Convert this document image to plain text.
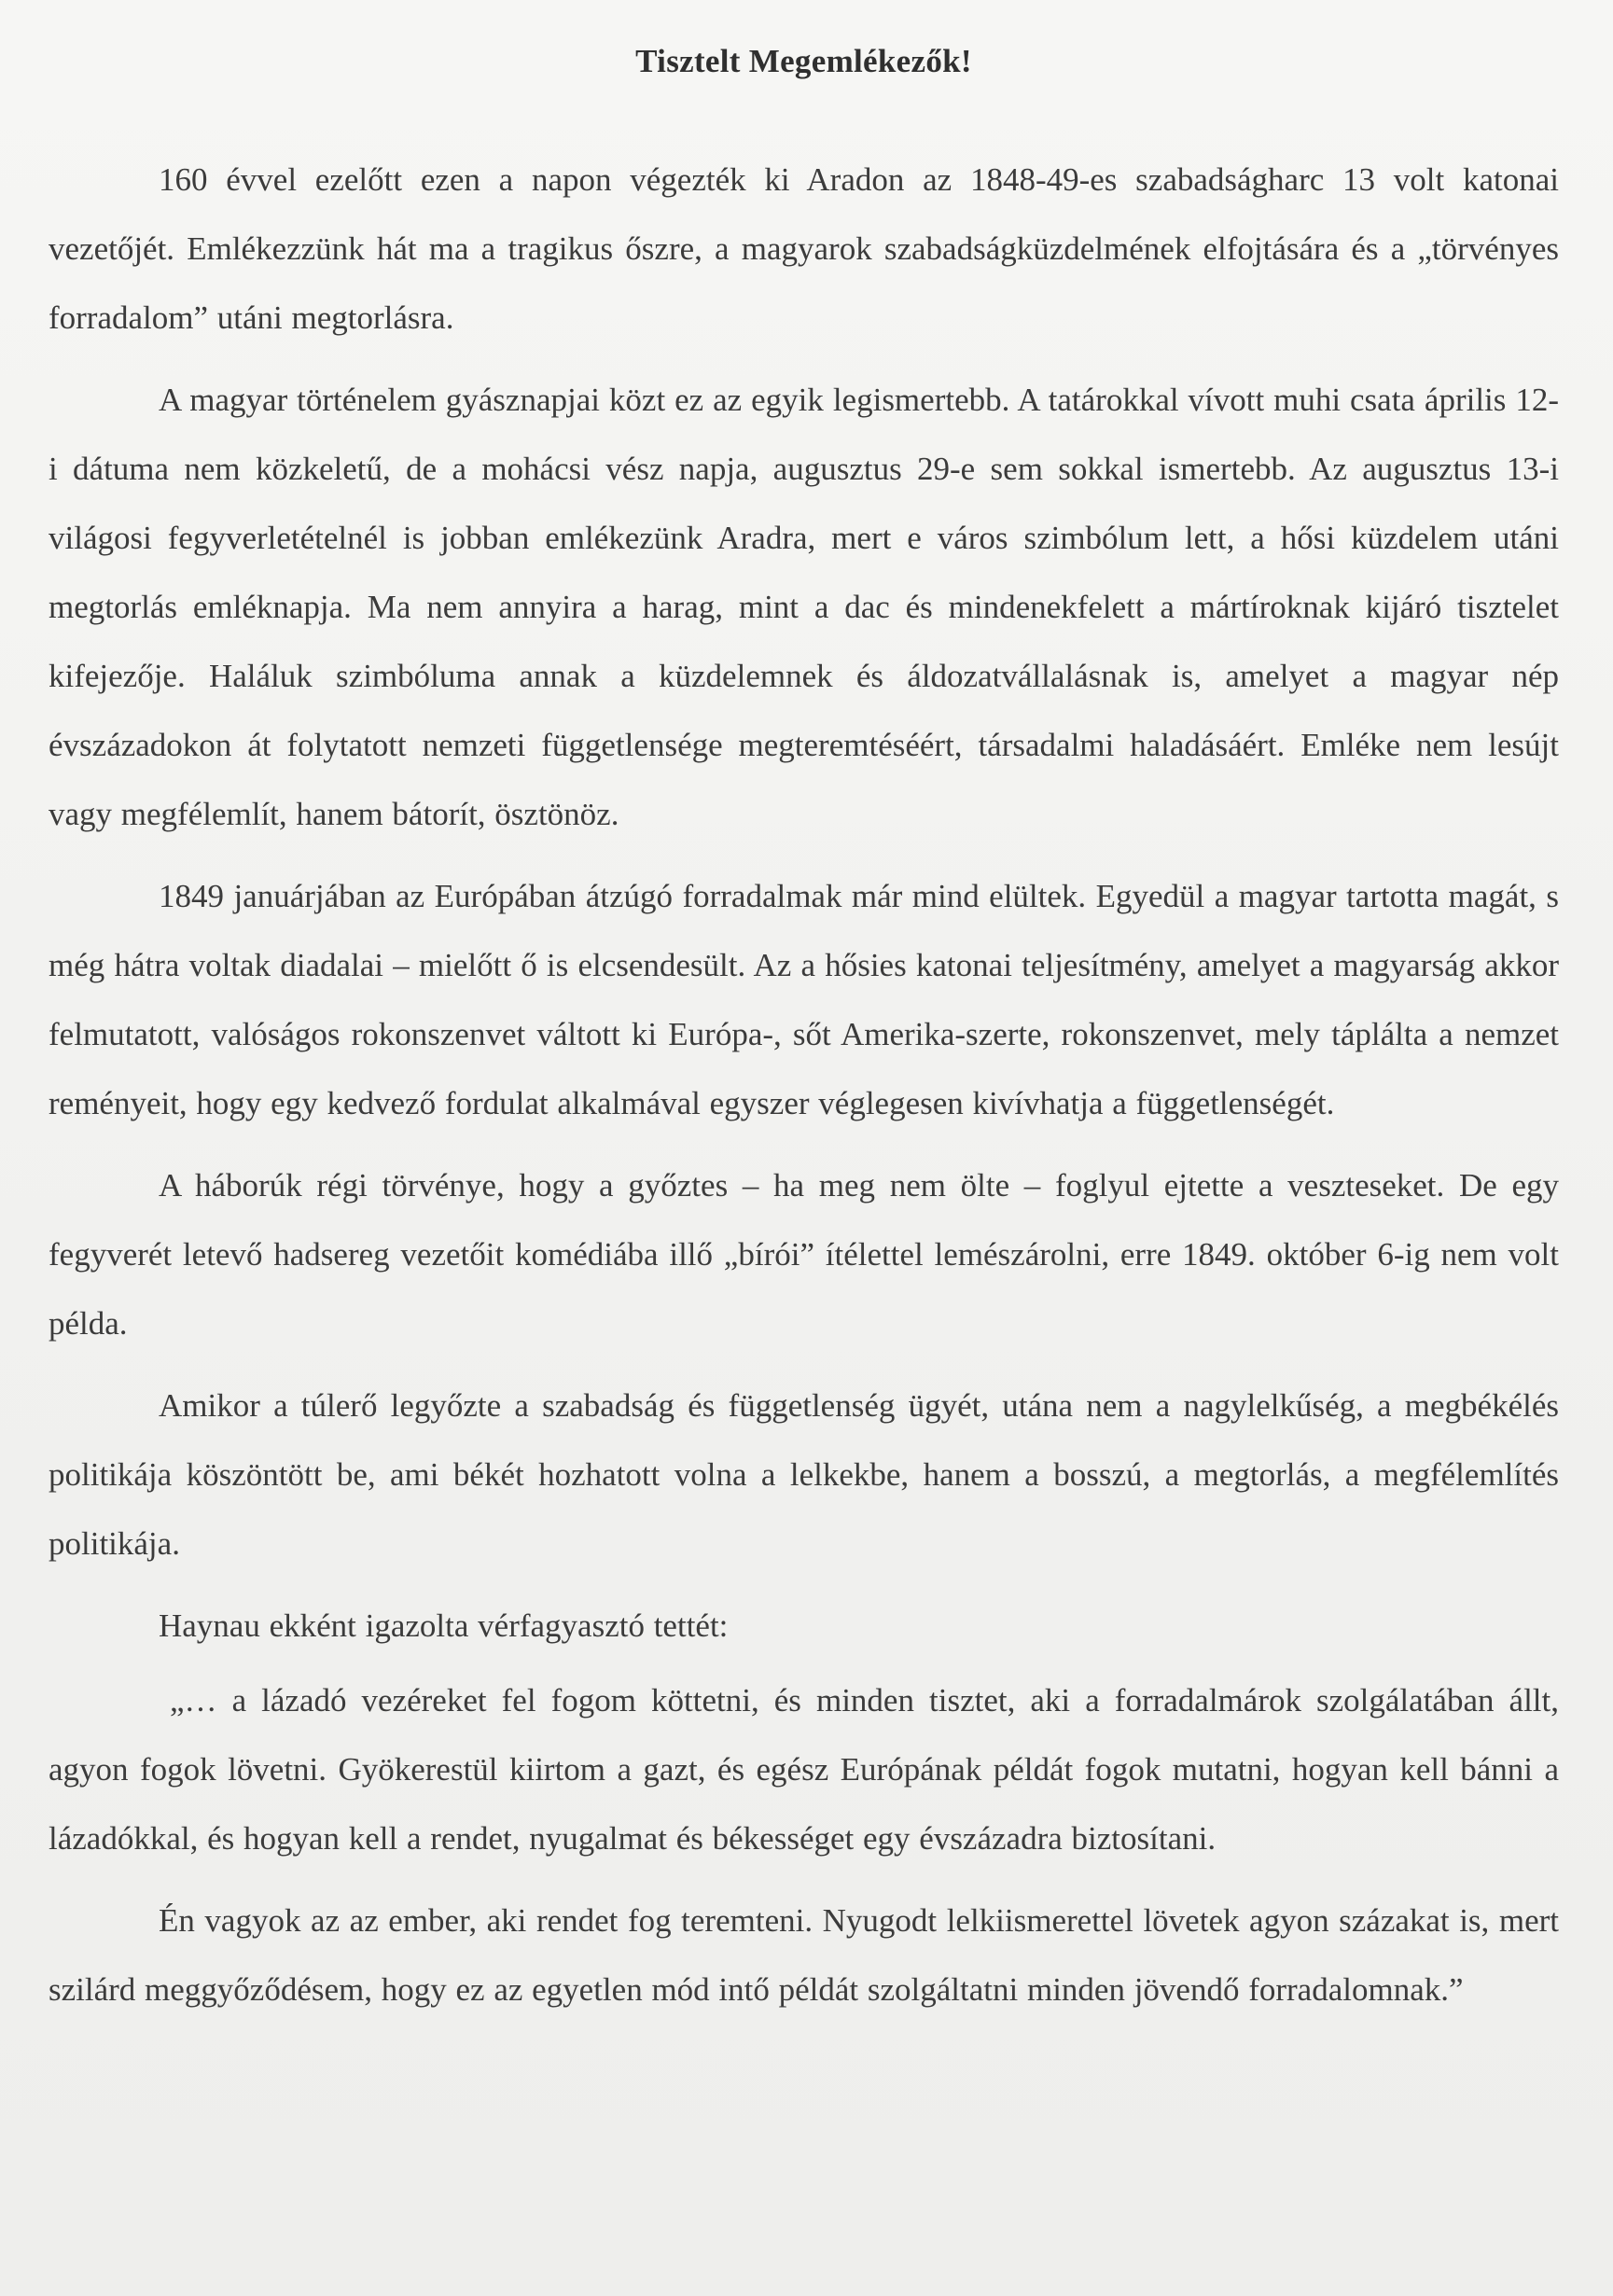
Tisztelt Megemlékezők!

160 évvel ezelőtt ezen a napon végezték ki Aradon az 1848-49-es szabadságharc 13 volt katonai vezetőjét. Emlékezzünk hát ma a tragikus őszre, a magyarok szabadságküzdelmének elfojtására és a „törvényes forradalom” utáni megtorlásra.

A magyar történelem gyásznapjai közt ez az egyik legismertebb. A tatárokkal vívott muhi csata április 12-i dátuma nem közkeletű, de a mohácsi vész napja, augusztus 29-e sem sokkal ismertebb. Az augusztus 13-i világosi fegyverletételnél is jobban emlékezünk Aradra, mert e város szimbólum lett, a hősi küzdelem utáni megtorlás emléknapja. Ma nem annyira a harag, mint a dac és mindenekfelett a mártíroknak kijáró tisztelet kifejezője. Haláluk szimbóluma annak a küzdelemnek és áldozatvállalásnak is, amelyet a magyar nép évszázadokon át folytatott nemzeti függetlensége megteremtéséért, társadalmi haladásáért. Emléke nem lesújt vagy megfélemlít, hanem bátorít, ösztönöz.

1849 januárjában az Európában átzúgó forradalmak már mind elültek. Egyedül a magyar tartotta magát, s még hátra voltak diadalai – mielőtt ő is elcsendesült. Az a hősies katonai teljesítmény, amelyet a magyarság akkor felmutatott, valóságos rokonszenvet váltott ki Európa-, sőt Amerika-szerte, rokonszenvet, mely táplálta a nemzet reményeit, hogy egy kedvező fordulat alkalmával egyszer véglegesen kivívhatja a függetlenségét.

A háborúk régi törvénye, hogy a győztes – ha meg nem ölte – foglyul ejtette a veszteseket. De egy fegyverét letevő hadsereg vezetőit komédiába illő „bírói” ítélettel lemészárolni, erre 1849. október 6-ig nem volt példa.

Amikor a túlerő legyőzte a szabadság és függetlenség ügyét, utána nem a nagylelkűség, a megbékélés politikája köszöntött be, ami békét hozhatott volna a lelkekbe, hanem a bosszú, a megtorlás, a megfélemlítés politikája.

Haynau ekként igazolta vérfagyasztó tettét:

„… a lázadó vezéreket fel fogom köttetni, és minden tisztet, aki a forradalmárok szolgálatában állt, agyon fogok lövetni. Gyökerestül kiirtom a gazt, és egész Európának példát fogok mutatni, hogyan kell bánni a lázadókkal, és hogyan kell a rendet, nyugalmat és békességet egy évszázadra biztosítani.

Én vagyok az az ember, aki rendet fog teremteni. Nyugodt lelkiismerettel lövetek agyon százakat is, mert szilárd meggyőződésem, hogy ez az egyetlen mód intő példát szolgáltatni minden jövendő forradalomnak.”
